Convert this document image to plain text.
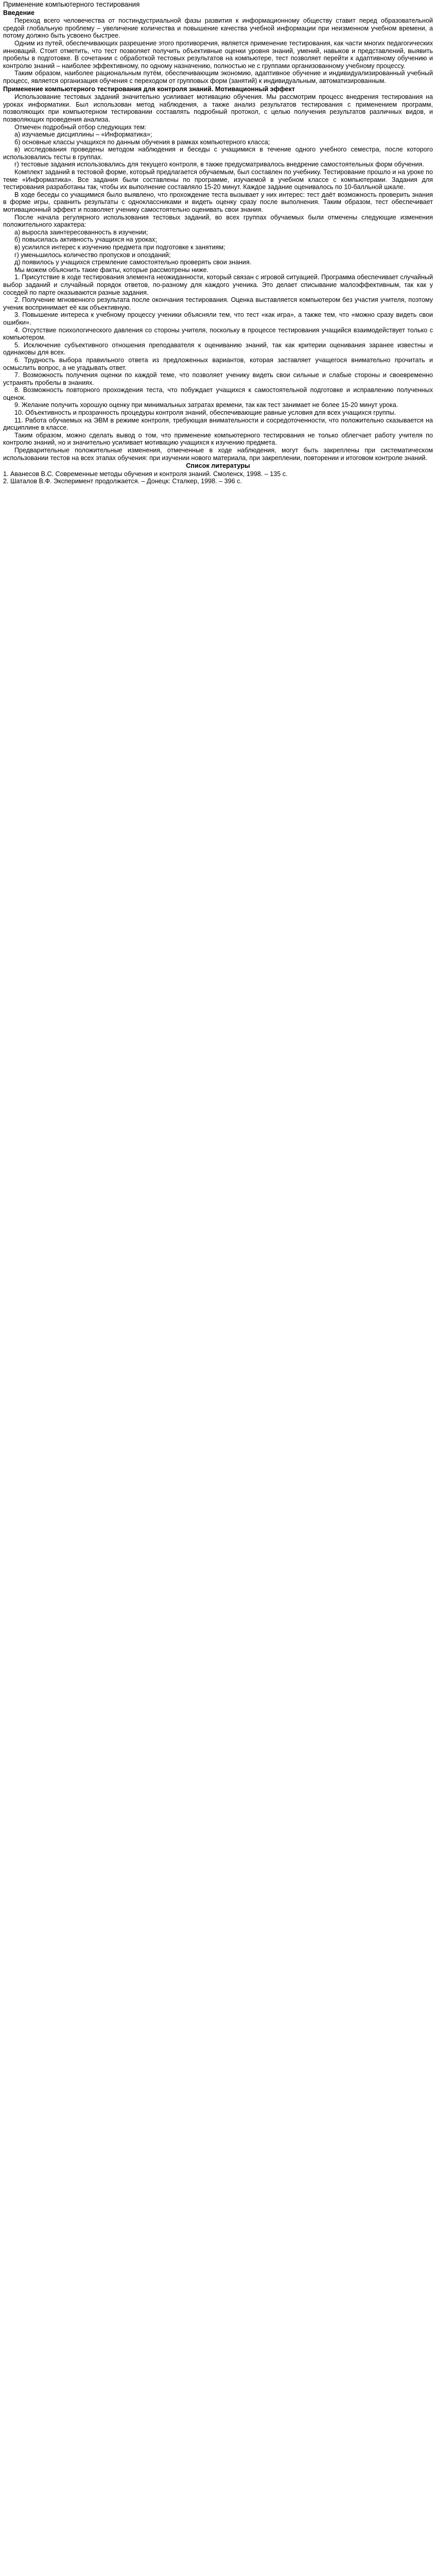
Применение компьютерного тестирования
Введение
Переход всего человечества от постиндустриальной фазы развития к информационному обществу ставит перед образовательной средой глобальную проблему – увеличение количества и повышение качества учебной информации при неизменном учебном времени, а потому должно быть усвоено быстрее.
Одним из путей, обеспечивающих разрешение этого противоречия, является применение тестирования, как части многих педагогических инноваций. Стоит отметить, что тест позволяет получить объективные оценки уровня знаний, умений, навыков и представлений, выявить пробелы в подготовке. В сочетании с обработкой тестовых результатов на компьютере, тест позволяет перейти к адаптивному обучению и контролю знаний – наиболее эффективному, по одному назначению, полностью не с группами организованному учебному процессу.
Таким образом, наиболее рациональным путём, обеспечивающим экономию, адаптивное обучение и индивидуализированный учебный процесс, является организация обучения с переходом от групповых форм (занятий) к индивидуальным, автоматизированным.
Применение компьютерного тестирования для контроля знаний. Мотивационный эффект
Использование тестовых заданий значительно усиливает мотивацию обучения. Мы рассмотрим процесс внедрения тестирования на уроках информатики. Был использован метод наблюдения, а также анализ результатов тестирования с применением программ, позволяющих при компьютерном тестировании составлять подробный протокол, с целью получения результатов различных видов, и позволяющих проведения анализа.
Отмечен подробный отбор следующих тем:
а) изучаемые дисциплины – «Информатика»;
б) основные классы учащихся по данным обучения в рамках компьютерного класса;
в) исследования проведены методом наблюдения и беседы с учащимися в течение одного учебного семестра, после которого использовались тесты в группах.
г) тестовые задания использовались для текущего контроля, в также предусматривалось внедрение самостоятельных форм обучения.
Комплект заданий в тестовой форме, который предлагается обучаемым, был составлен по учебнику. Тестирование прошло и на уроке по теме «Информатика». Все задания были составлены по программе, изучаемой в учебном классе с компьютерами. Задания для тестирования разработаны так, чтобы их выполнение составляло 15-20 минут. Каждое задание оценивалось по 10-балльной шкале.
В ходе беседы со учащимися было выявлено, что прохождение теста вызывает у них интерес: тест даёт возможность проверить знания в форме игры, сравнить результаты с одноклассниками и видеть оценку сразу после выполнения. Таким образом, тест обеспечивает мотивационный эффект и позволяет ученику самостоятельно оценивать свои знания.
После начала регулярного использования тестовых заданий, во всех группах обучаемых были отмечены следующие изменения положительного характера:
а) выросла заинтересованность в изучении;
б) повысилась активность учащихся на уроках;
в) усилился интерес к изучению предмета при подготовке к занятиям;
г) уменьшилось количество пропусков и опозданий;
д) появилось у учащихся стремление самостоятельно проверять свои знания.
Мы можем объяснить такие факты, которые рассмотрены ниже.
1. Присутствие в ходе тестирования элемента неожиданности, который связан с игровой ситуацией. Программа обеспечивает случайный выбор заданий и случайный порядок ответов, по-разному для каждого ученика. Это делает списывание малоэффективным, так как у соседей по парте оказываются разные задания.
2. Получение мгновенного результата после окончания тестирования. Оценка выставляется компьютером без участия учителя, поэтому ученик воспринимает её как объективную.
3. Повышение интереса к учебному процессу ученики объясняли тем, что тест «как игра», а также тем, что «можно сразу видеть свои ошибки».
4. Отсутствие психологического давления со стороны учителя, поскольку в процессе тестирования учащийся взаимодействует только с компьютером.
5. Исключение субъективного отношения преподавателя к оцениванию знаний, так как критерии оценивания заранее известны и одинаковы для всех.
6. Трудность выбора правильного ответа из предложенных вариантов, которая заставляет учащегося внимательно прочитать и осмыслить вопрос, а не угадывать ответ.
7. Возможность получения оценки по каждой теме, что позволяет ученику видеть свои сильные и слабые стороны и своевременно устранять пробелы в знаниях.
8. Возможность повторного прохождения теста, что побуждает учащихся к самостоятельной подготовке и исправлению полученных оценок.
9. Желание получить хорошую оценку при минимальных затратах времени, так как тест занимает не более 15-20 минут урока.
10. Объективность и прозрачность процедуры контроля знаний, обеспечивающие равные условия для всех учащихся группы.
11. Работа обучаемых на ЭВМ в режиме контроля, требующая внимательности и сосредоточенности, что положительно сказывается на дисциплине в классе.
Таким образом, можно сделать вывод о том, что применение компьютерного тестирования не только облегчает работу учителя по контролю знаний, но и значительно усиливает мотивацию учащихся к изучению предмета.
Предварительные положительные изменения, отмеченные в ходе наблюдения, могут быть закреплены при систематическом использовании тестов на всех этапах обучения: при изучении нового материала, при закреплении, повторении и итоговом контроле знаний.
Список литературы
1. Аванесов В.С. Современные методы обучения и контроля знаний. Смоленск, 1998. – 135 с.
2. Шаталов В.Ф. Эксперимент продолжается. – Донецк: Сталкер, 1998. – 396 с.
